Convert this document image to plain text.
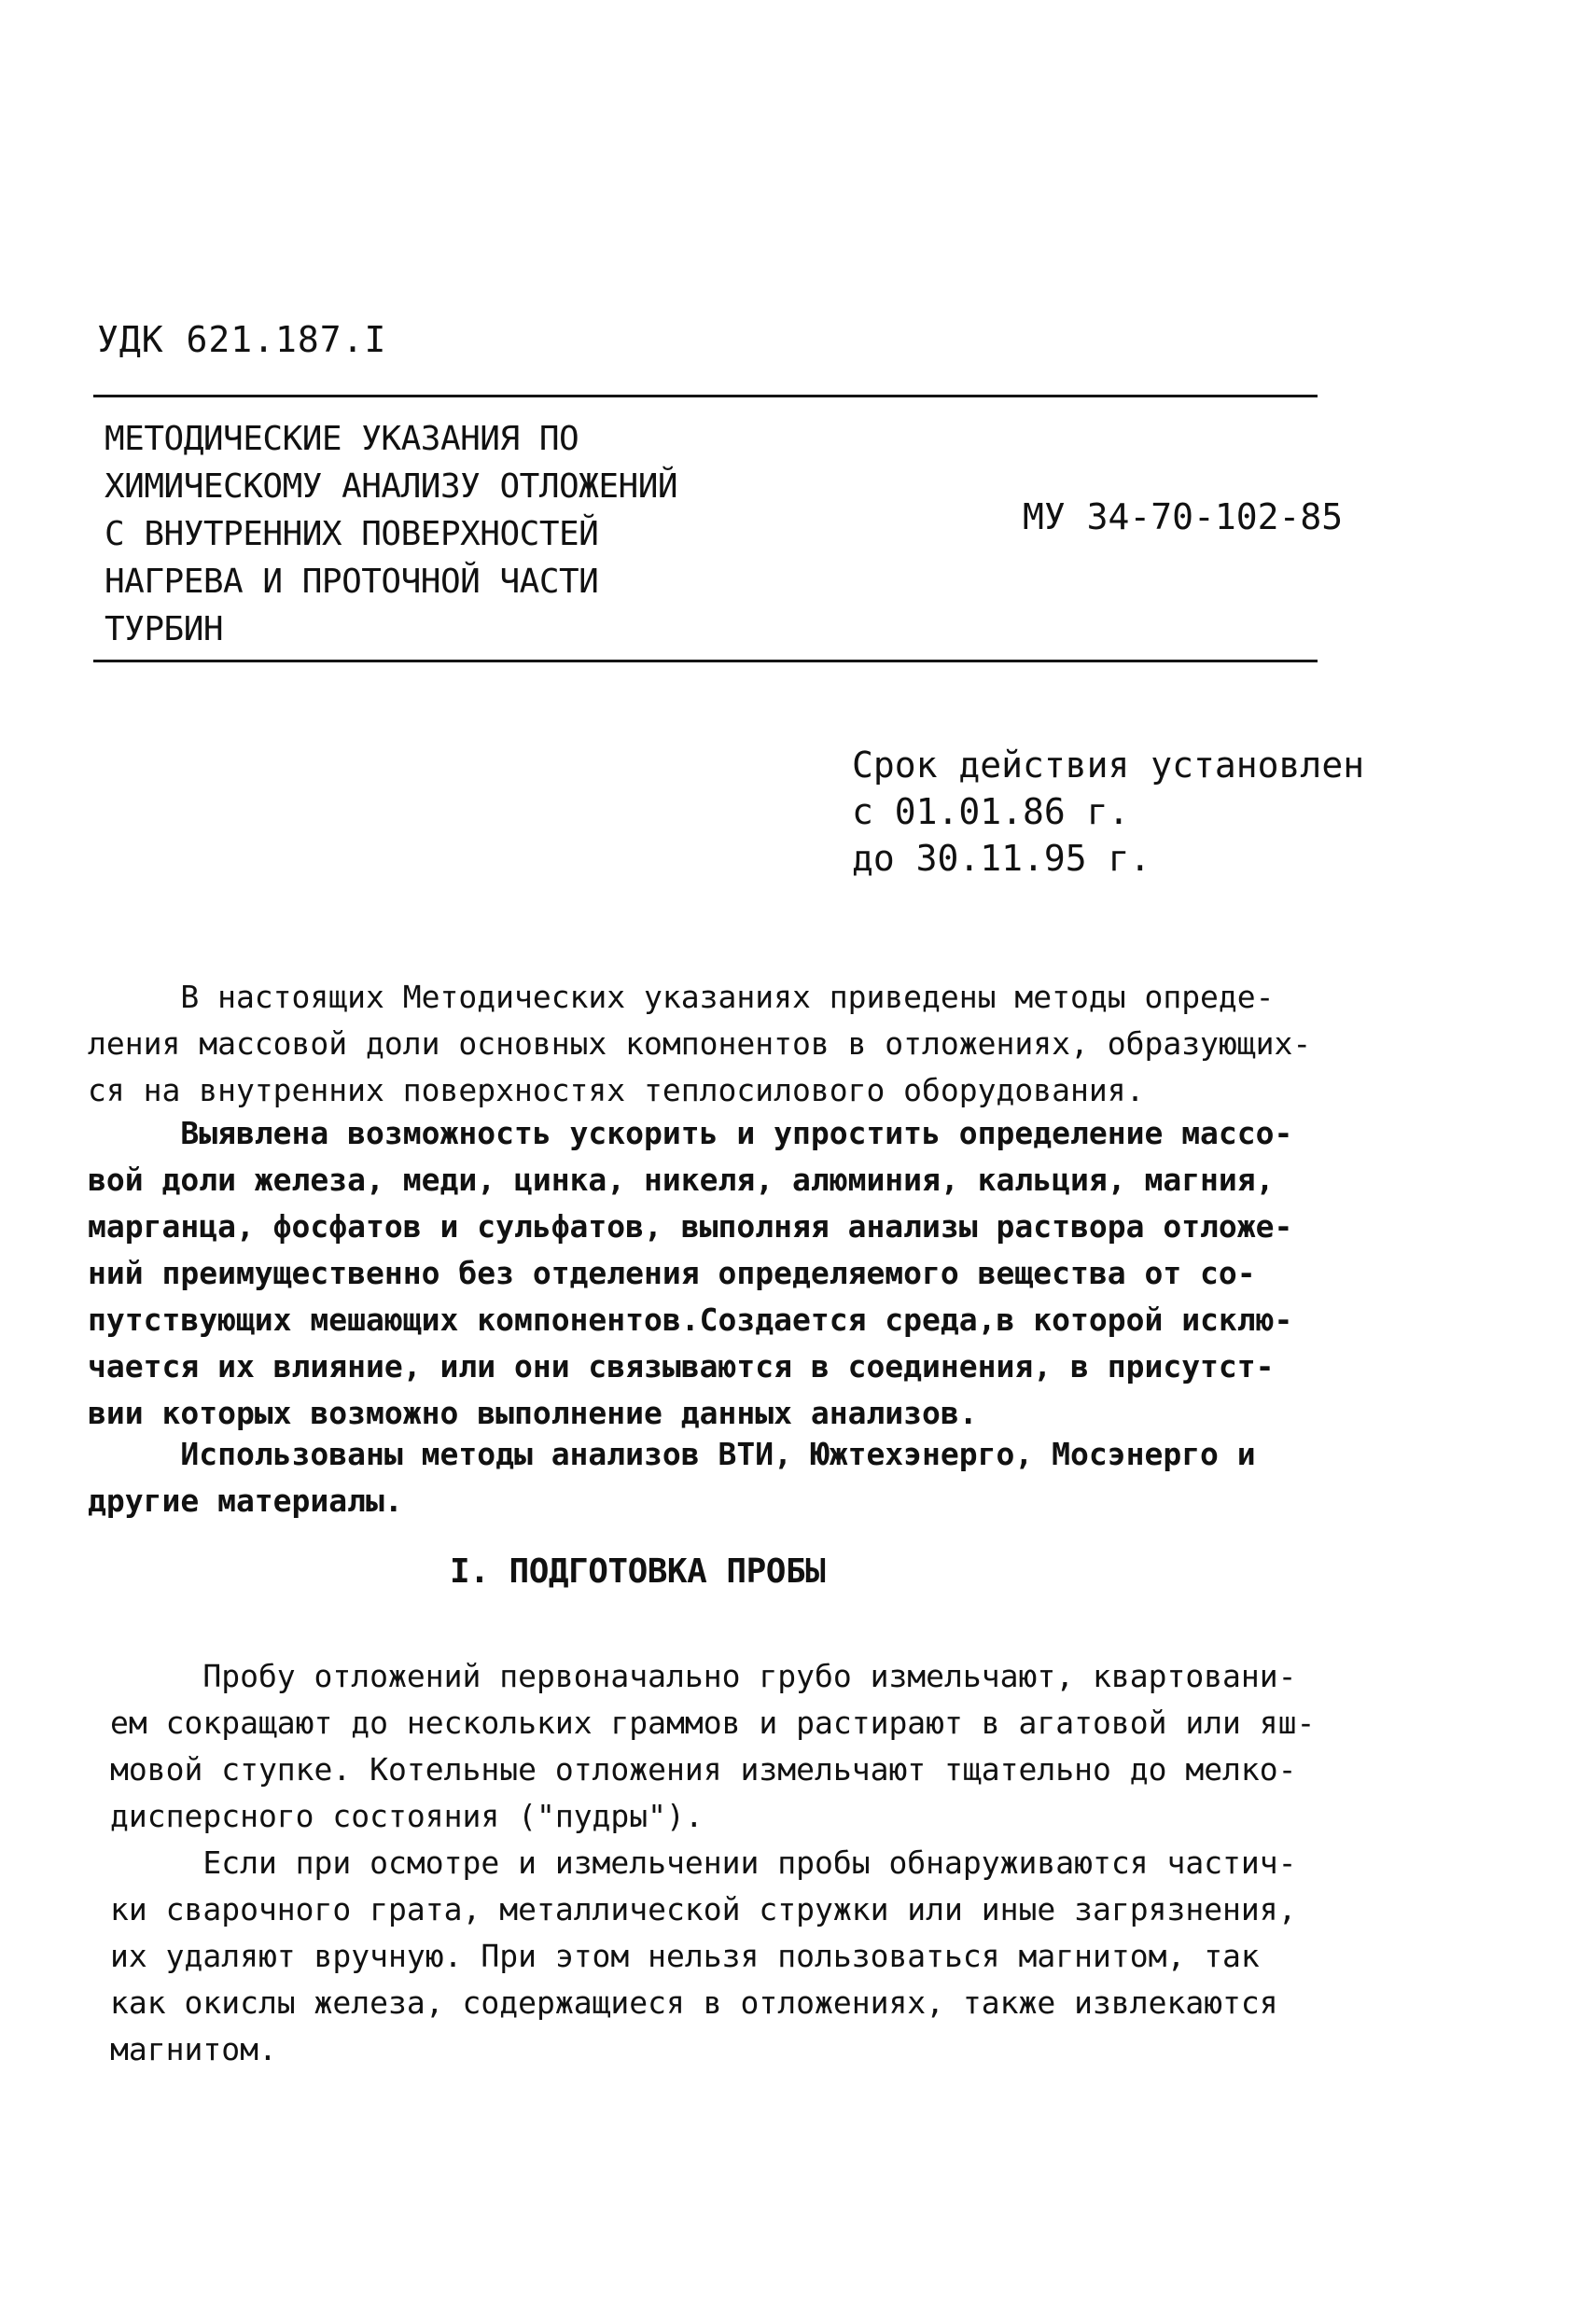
УДК 621.187.I

МЕТОДИЧЕСКИЕ УКАЗАНИЯ ПО
ХИМИЧЕСКОМУ АНАЛИЗУ ОТЛОЖЕНИЙ
С ВНУТРЕННИХ ПОВЕРХНОСТЕЙ
НАГРЕВА И ПРОТОЧНОЙ ЧАСТИ
ТУРБИН

МУ 34-70-102-85

Срок действия установлен
с 01.01.86 г.
до 30.11.95 г.
В настоящих Методических указаниях приведены методы опреде-
ления массовой доли основных компонентов в отложениях, образующих-
ся на внутренних поверхностях теплосилового оборудования.
Выявлена возможность ускорить и упростить определение массо-
вой доли железа, меди, цинка, никеля, алюминия, кальция, магния,
марганца, фосфатов и сульфатов, выполняя анализы раствора отложе-
ний преимущественно без отделения определяемого вещества от со-
путствующих мешающих компонентов.Создается среда,в которой исклю-
чается их влияние, или они связываются в соединения, в присутст-
вии которых возможно выполнение данных анализов.
Использованы методы анализов ВТИ, Южтехэнерго, Мосэнерго и
другие материалы.
I. ПОДГОТОВКА ПРОБЫ
Пробу отложений первоначально грубо измельчают, квартовани-
ем сокращают до нескольких граммов и растирают в агатовой или яш-
мовой ступке. Котельные отложения измельчают тщательно до мелко-
дисперсного состояния ("пудры").
Если при осмотре и измельчении пробы обнаруживаются частич-
ки сварочного грата, металлической стружки или иные загрязнения,
их удаляют вручную. При этом нельзя пользоваться магнитом, так
как окислы железа, содержащиеся в отложениях, также извлекаются
магнитом.
